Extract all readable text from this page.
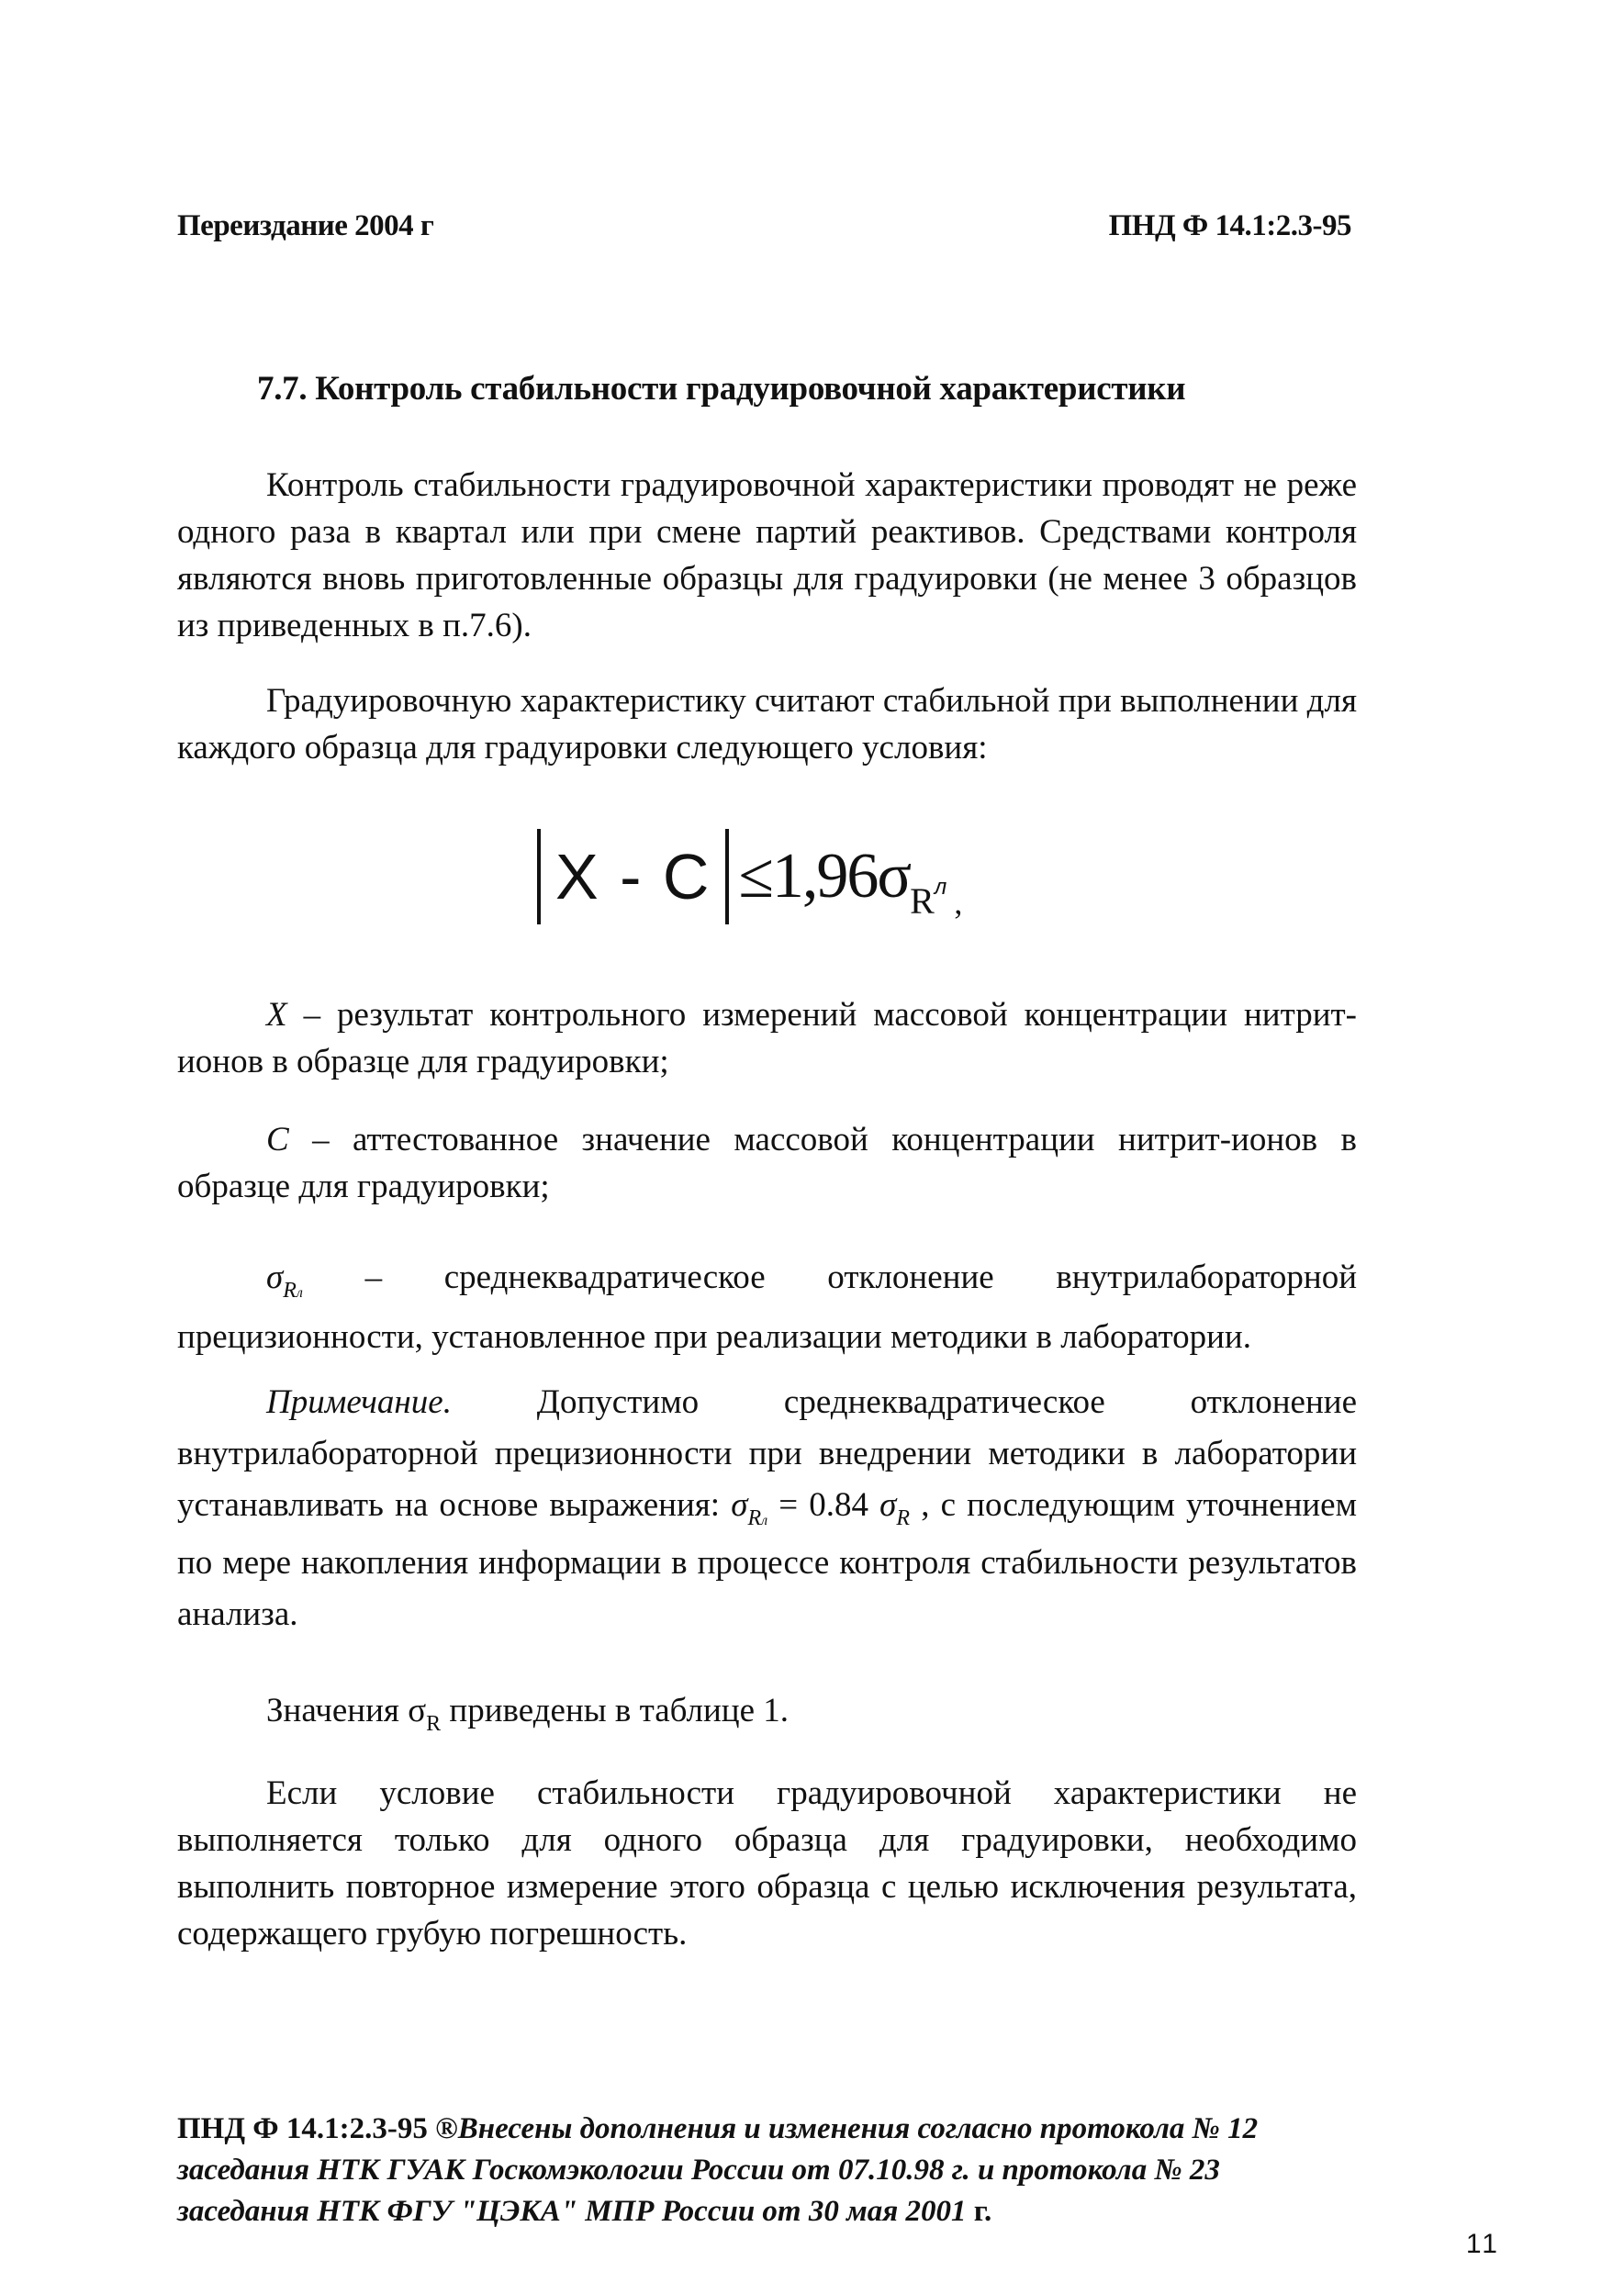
Переиздание 2004 г	ПНД Ф 14.1:2.3-95
7.7. Контроль стабильности градуировочной характеристики

Контроль стабильности градуировочной характеристики проводят не реже одного раза в квартал или при смене партий реактивов. Средствами контроля являются вновь приготовленные образцы для градуировки (не менее 3 образцов из приведенных в п.7.6).

Градуировочную характеристику считают стабильной при выполнении для каждого образца для градуировки следующего условия:

X - C ≤1,96σ R л ,

X – результат контрольного измерений массовой концентрации нитрит-ионов в образце для градуировки;

C – аттестованное значение массовой концентрации нитрит-ионов в образце для градуировки;

$\sigma_{Rл}$ – среднеквадратическое отклонение внутрилабораторной прецизионности, установленное при реализации методики в лаборатории.

Примечание. Допустимо среднеквадратическое отклонение внутрилабораторной прецизионности при внедрении методики в лаборатории устанавливать на основе выражения: $\sigma_{Rл} = 0.84$ $\sigma_R$ , с последующим уточнением по мере накопления информации в процессе контроля стабильности результатов анализа.

Значения $\sigma_R$ приведены в таблице 1.

Если условие стабильности градуировочной характеристики не выполняется только для одного образца для градуировки, необходимо выполнить повторное измерение этого образца с целью исключения результата, содержащего грубую погрешность.

ПНД Ф 14.1:2.3-95 ®Внесены дополнения и изменения согласно протокола № 12 заседания НТК ГУАК Госкомэкологии России от 07.10.98 г. и протокола № 23 заседания НТК ФГУ "ЦЭКА" МПР России от 30 мая 2001 г.

11
